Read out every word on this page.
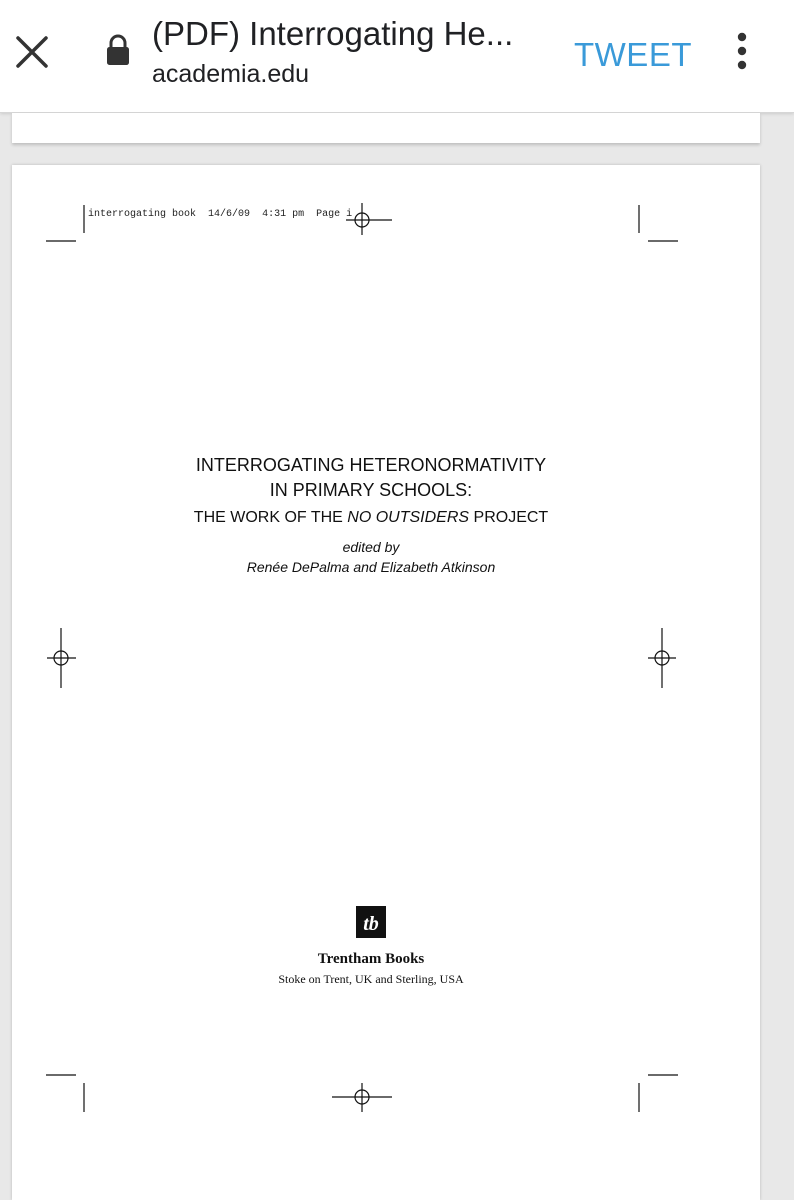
(PDF) Interrogating He...
academia.edu
TWEET
interrogating book 14/6/09 4:31 pm Page i
INTERROGATING HETERONORMATIVITY
IN PRIMARY SCHOOLS:
THE WORK OF THE NO OUTSIDERS PROJECT
edited by
Renée DePalma and Elizabeth Atkinson
tb
Trentham Books
Stoke on Trent, UK and Sterling, USA
